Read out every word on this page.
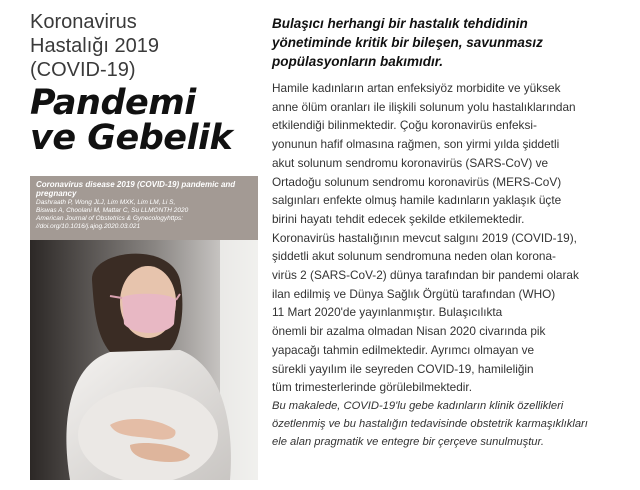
Koronavirus
Hastalığı 2019
(COVID-19)
Pandemi
ve Gebelik
Coronavirus disease 2019 (COVID-19) pandemic and pregnancy
Dashraath P, Wong JLJ, Lim MXK, Lim LM, Li S,
Biswas A, Choolani M, Mattar C, Su LLMONTH 2020
American Journal of Obstetrics & Gynecologyhttps:
//doi.org/10.1016/j.ajog.2020.03.021
Bulaşıcı herhangi bir hastalık tehdidinin
yönetiminde kritik bir bileşen, savunmasız
popülasyonların bakımıdır.
Hamile kadınların artan enfeksiyöz morbidite ve yüksek
anne ölüm oranları ile ilişkili solunum yolu hastalıklarından
etkilendiği bilinmektedir. Çoğu koronavirüs enfeksi-
yonunun hafif olmasına rağmen, son yirmi yılda şiddetli
akut solunum sendromu koronavirüs (SARS-CoV) ve
Ortadoğu solunum sendromu koronavirüs (MERS-CoV)
salgınları enfekte olmuş hamile kadınların yaklaşık üçte
birini hayatı tehdit edecek şekilde etkilemektedir.
Koronavirüs hastalığının mevcut salgını 2019 (COVID-19),
şiddetli akut solunum sendromuna neden olan korona-
virüs 2 (SARS-CoV-2) dünya tarafından bir pandemi olarak
ilan edilmiş ve Dünya Sağlık Örgütü tarafından (WHO)
11 Mart 2020'de yayınlanmıştır. Bulaşıcılıkta
önemli bir azalma olmadan Nisan 2020 civarında pik
yapacağı tahmin edilmektedir. Ayrımcı olmayan ve
sürekli yayılım ile seyreden COVID-19, hamileliğin
tüm trimesterlerinde görülebilmektedir.
Bu makalede, COVID-19'lu gebe kadınların klinik özellikleri
özetlenmiş ve bu hastalığın tedavisinde obstetrik karmaşıklıkları
ele alan pragmatik ve entegre bir çerçeve sunulmuştur.
